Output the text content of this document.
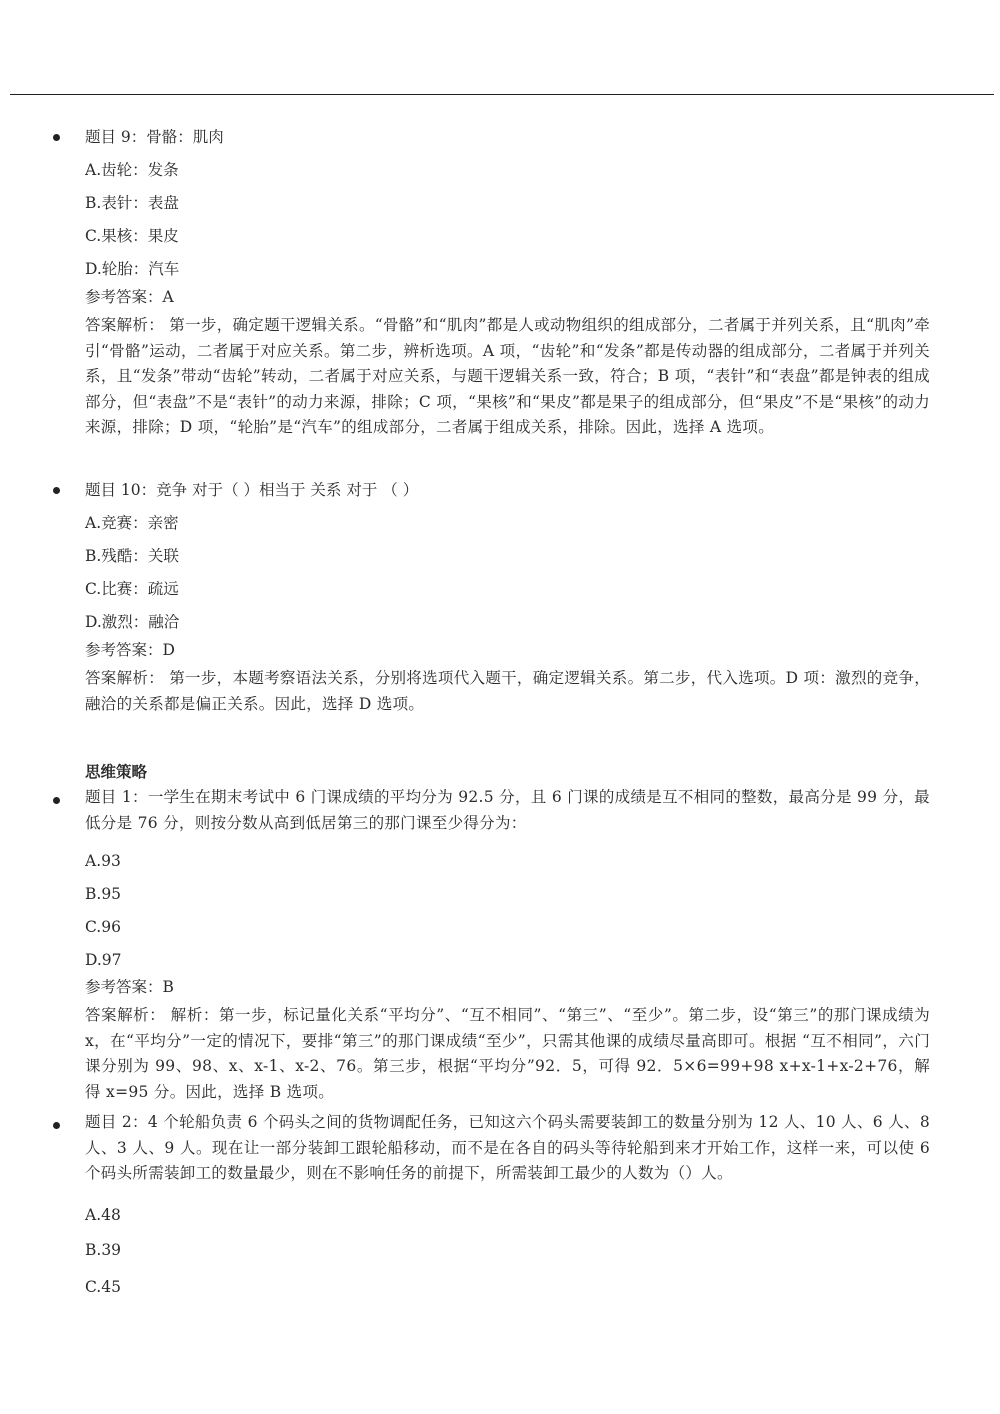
题目 9：骨骼：肌肉
A.齿轮：发条
B.表针：表盘
C.果核：果皮
D.轮胎：汽车
参考答案：A
答案解析： 第一步，确定题干逻辑关系。“骨骼”和“肌肉”都是人或动物组织的组成部分，二者属于并列关系，且“肌肉”牵引“骨骼”运动，二者属于对应关系。第二步，辨析选项。A 项，“齿轮”和“发条”都是传动器的组成部分，二者属于并列关系，且“发条”带动“齿轮”转动，二者属于对应关系，与题干逻辑关系一致，符合；B 项，“表针”和“表盘”都是钟表的组成部分，但“表盘”不是“表针”的动力来源，排除；C 项，“果核”和“果皮”都是果子的组成部分，但“果皮”不是“果核”的动力来源，排除；D 项，“轮胎”是“汽车”的组成部分，二者属于组成关系，排除。因此，选择 A 选项。
题目 10：竞争 对于（ ）相当于 关系 对于 （ ）
A.竞赛：亲密
B.残酷：关联
C.比赛：疏远
D.激烈：融洽
参考答案：D
答案解析： 第一步，本题考察语法关系，分别将选项代入题干，确定逻辑关系。第二步，代入选项。D 项：激烈的竞争，融洽的关系都是偏正关系。因此，选择 D 选项。
思维策略
题目 1：一学生在期末考试中 6 门课成绩的平均分为 92.5 分，且 6 门课的成绩是互不相同的整数，最高分是 99 分，最低分是 76 分，则按分数从高到低居第三的那门课至少得分为：
A.93
B.95
C.96
D.97
参考答案：B
答案解析： 解析：第一步，标记量化关系“平均分”、“互不相同”、“第三”、“至少”。第二步，设“第三”的那门课成绩为 x，在“平均分”一定的情况下，要排“第三”的那门课成绩“至少”，只需其他课的成绩尽量高即可。根据 “互不相同”，六门课分别为 99、98、x、x-1、x-2、76。第三步，根据“平均分”92．5，可得 92．5×6=99+98 x+x-1+x-2+76，解得 x=95 分。因此，选择 B 选项。
题目 2：4 个轮船负责 6 个码头之间的货物调配任务，已知这六个码头需要装卸工的数量分别为 12 人、10 人、6 人、8 人、3 人、9 人。现在让一部分装卸工跟轮船移动，而不是在各自的码头等待轮船到来才开始工作，这样一来，可以使 6 个码头所需装卸工的数量最少，则在不影响任务的前提下，所需装卸工最少的人数为（）人。
A.48
B.39
C.45
